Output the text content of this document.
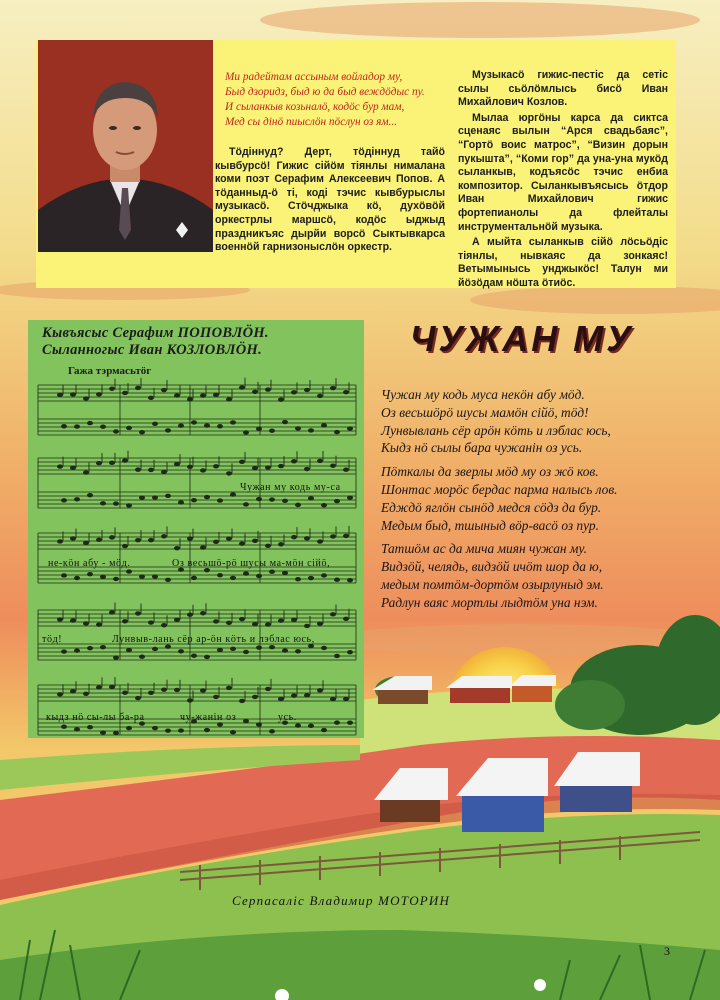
Ми радейтам ассыным войладор му,
Быд дзоридз, быд ю да быд веждӧдыс пу.
И сыланкыв козьналӧ, кодӧс бур мам,
Мед сы дінӧ пиыслӧн пӧслун оз ям...

Тӧдіннyд? Дерт, тӧдіннyд тайӧ кывбурсӧ! Гижис сійӧм тіянлы нималана коми поэт Серафим Алексеевич Попов. А тӧданныд-ӧ ті, коді тэчис кывбурыслы музыкасӧ. Стӧчджыка кӧ, духӧвӧй оркестрлы маршсӧ, кодӧс ыджыд праздникъяс дырйи ворсӧ Сыктывкарса военнӧй гарнизоныслӧн оркестр.

Музыкасӧ гижис-пестіс да сетіс сылы сьӧлӧмлысь бисӧ Иван Михайлович Козлов.

Мылаа юргӧны карса да сиктса сценаяс вылын “Арся свадьбаяс”, “Гортӧ воис матрос”, “Визин дорын пукышта”, “Коми гор” да уна-уна мукӧд сыланкыв, кодъясӧс тэчис енбиа композитор. Сыланкывъясысь ӧтдор Иван Михайлович гижис фортепианолы да флейталы инструментальнӧй музыка.

А мыйта сыланкыв сійӧ лӧсьӧдіс тіянлы, нывкаяс да зонкаяс! Ветымынысь унджыкӧс! Талун ми йӧзӧдам нӧшта ӧтиӧс.

Кывъясыс Серафим ПОПОВЛӦН.
Сыланногыс Иван КОЗЛОВЛӦН.
Гажа тэрмасьтӧг
Чужан му кодь му-са
не-кӧн абу - мӧд.	Оз весьшӧ-рӧ шусы ма-мӧн сійӧ,
тӧд!	Лунвыв-лань сёр ар-ӧн кӧть и лэблас юсь,
кыдз нӧ сы-лы ба-ра	чу-жанін оз	усь.
ЧУЖАН МУ
Чужан му кодь муса некӧн абу мӧд.
Оз весьшӧрӧ шусы мамӧн сійӧ, тӧд!
Лунвывлань сёр арӧн кӧть и лэблас юсь,
Кыдз нӧ сылы бара чужанін оз усь.
Пӧткалы да зверлы мӧд му оз жӧ ков.
Шонтас морӧс бердас парма налысь лов.
Едждӧ яглӧн сынӧд медся сӧдз да бур.
Медым быд, тшыныд вӧр-васӧ оз пур.
Татшӧм ас да мича миян чужан му.
Видзӧй, челядь, видзӧй ичӧт шор да ю,
медым помтӧм-дортӧм озырлуныд эм.
Радлун ваяс мортлы лыдтӧм уна нэм.
Серпасаліс Владимир МОТОРИН
3
